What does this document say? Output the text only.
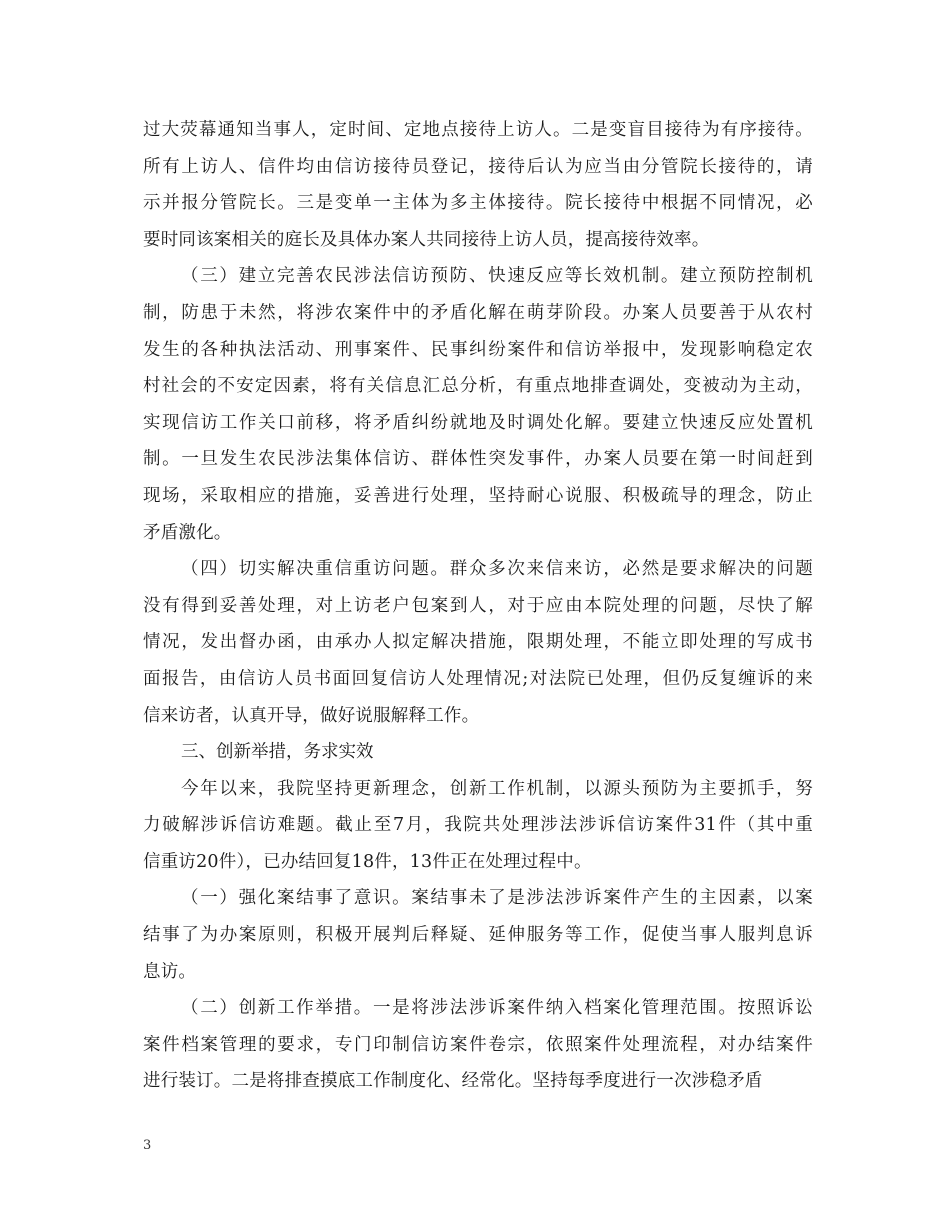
过大荧幕通知当事人，定时间、定地点接待上访人。二是变盲目接待为有序接待。
所有上访人、信件均由信访接待员登记，接待后认为应当由分管院长接待的，请
示并报分管院长。三是变单一主体为多主体接待。院长接待中根据不同情况，必
要时同该案相关的庭长及具体办案人共同接待上访人员，提高接待效率。
（三）建立完善农民涉法信访预防、快速反应等长效机制。建立预防控制机
制，防患于未然，将涉农案件中的矛盾化解在萌芽阶段。办案人员要善于从农村
发生的各种执法活动、刑事案件、民事纠纷案件和信访举报中，发现影响稳定农
村社会的不安定因素，将有关信息汇总分析，有重点地排查调处，变被动为主动，
实现信访工作关口前移，将矛盾纠纷就地及时调处化解。要建立快速反应处置机
制。一旦发生农民涉法集体信访、群体性突发事件，办案人员要在第一时间赶到
现场，采取相应的措施，妥善进行处理，坚持耐心说服、积极疏导的理念，防止
矛盾激化。
（四）切实解决重信重访问题。群众多次来信来访，必然是要求解决的问题
没有得到妥善处理，对上访老户包案到人，对于应由本院处理的问题，尽快了解
情况，发出督办函，由承办人拟定解决措施，限期处理，不能立即处理的写成书
面报告，由信访人员书面回复信访人处理情况;对法院已处理，但仍反复缠诉的来
信来访者，认真开导，做好说服解释工作。
三、创新举措，务求实效
今年以来，我院坚持更新理念，创新工作机制，以源头预防为主要抓手，努
力破解涉诉信访难题。截止至7月，我院共处理涉法涉诉信访案件31件（其中重
信重访20件），已办结回复18件，13件正在处理过程中。
（一）强化案结事了意识。案结事未了是涉法涉诉案件产生的主因素，以案
结事了为办案原则，积极开展判后释疑、延伸服务等工作，促使当事人服判息诉
息访。
（二）创新工作举措。一是将涉法涉诉案件纳入档案化管理范围。按照诉讼
案件档案管理的要求，专门印制信访案件卷宗，依照案件处理流程，对办结案件
进行装订。二是将排查摸底工作制度化、经常化。坚持每季度进行一次涉稳矛盾
3
